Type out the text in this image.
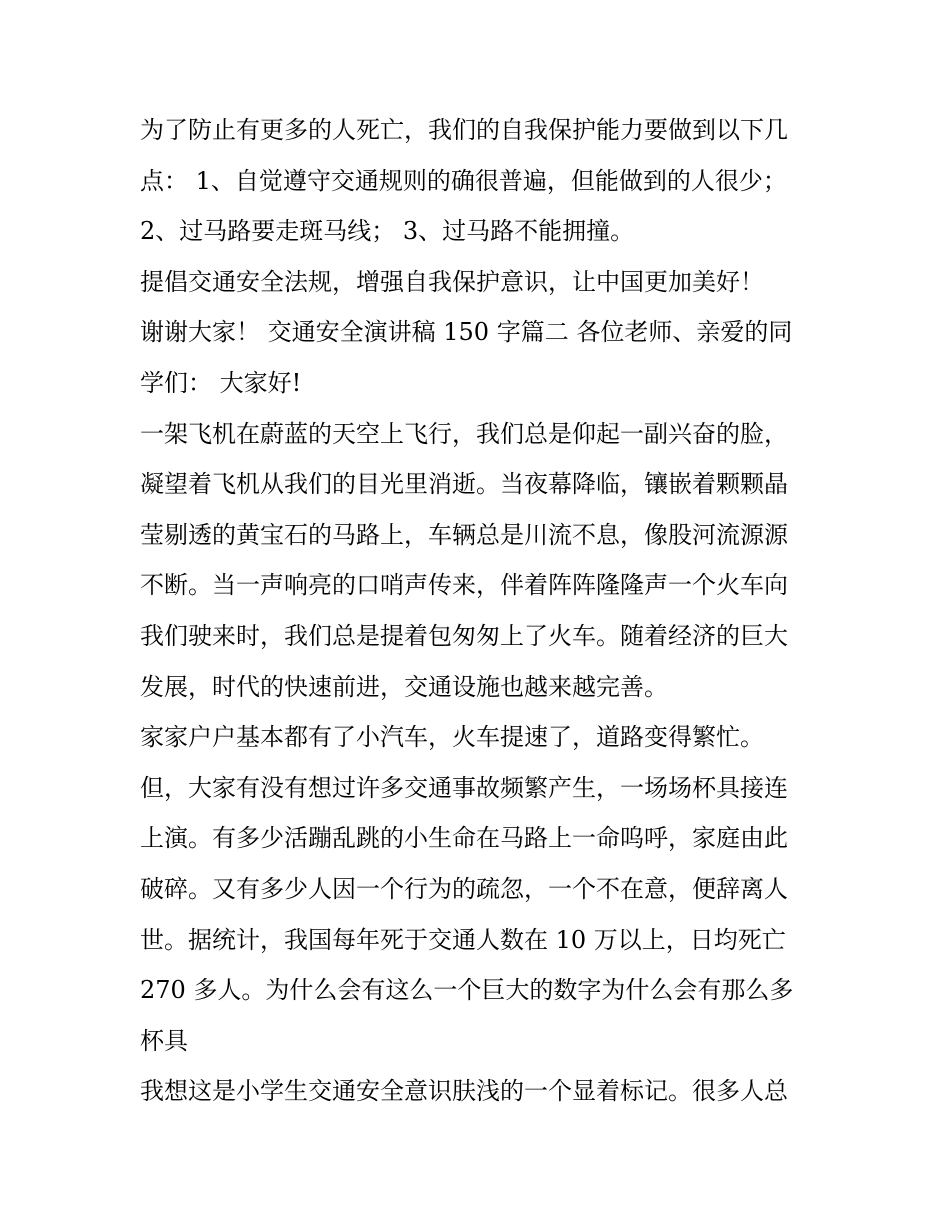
为了防止有更多的人死亡，我们的自我保护能力要做到以下几
点： 1、自觉遵守交通规则的确很普遍，但能做到的人很少；
2、过马路要走斑马线； 3、过马路不能拥撞。
提倡交通安全法规，增强自我保护意识，让中国更加美好！
谢谢大家！ 交通安全演讲稿 150 字篇二 各位老师、亲爱的同
学们： 大家好!
一架飞机在蔚蓝的天空上飞行，我们总是仰起一副兴奋的脸，
凝望着飞机从我们的目光里消逝。当夜幕降临，镶嵌着颗颗晶
莹剔透的黄宝石的马路上，车辆总是川流不息，像股河流源源
不断。当一声响亮的口哨声传来，伴着阵阵隆隆声一个火车向
我们驶来时，我们总是提着包匆匆上了火车。随着经济的巨大
发展，时代的快速前进，交通设施也越来越完善。
家家户户基本都有了小汽车，火车提速了，道路变得繁忙。
但，大家有没有想过许多交通事故频繁产生，一场场杯具接连
上演。有多少活蹦乱跳的小生命在马路上一命呜呼，家庭由此
破碎。又有多少人因一个行为的疏忽，一个不在意，便辞离人
世。据统计，我国每年死于交通人数在 10 万以上，日均死亡
270 多人。为什么会有这么一个巨大的数字为什么会有那么多
杯具
我想这是小学生交通安全意识肤浅的一个显着标记。很多人总
